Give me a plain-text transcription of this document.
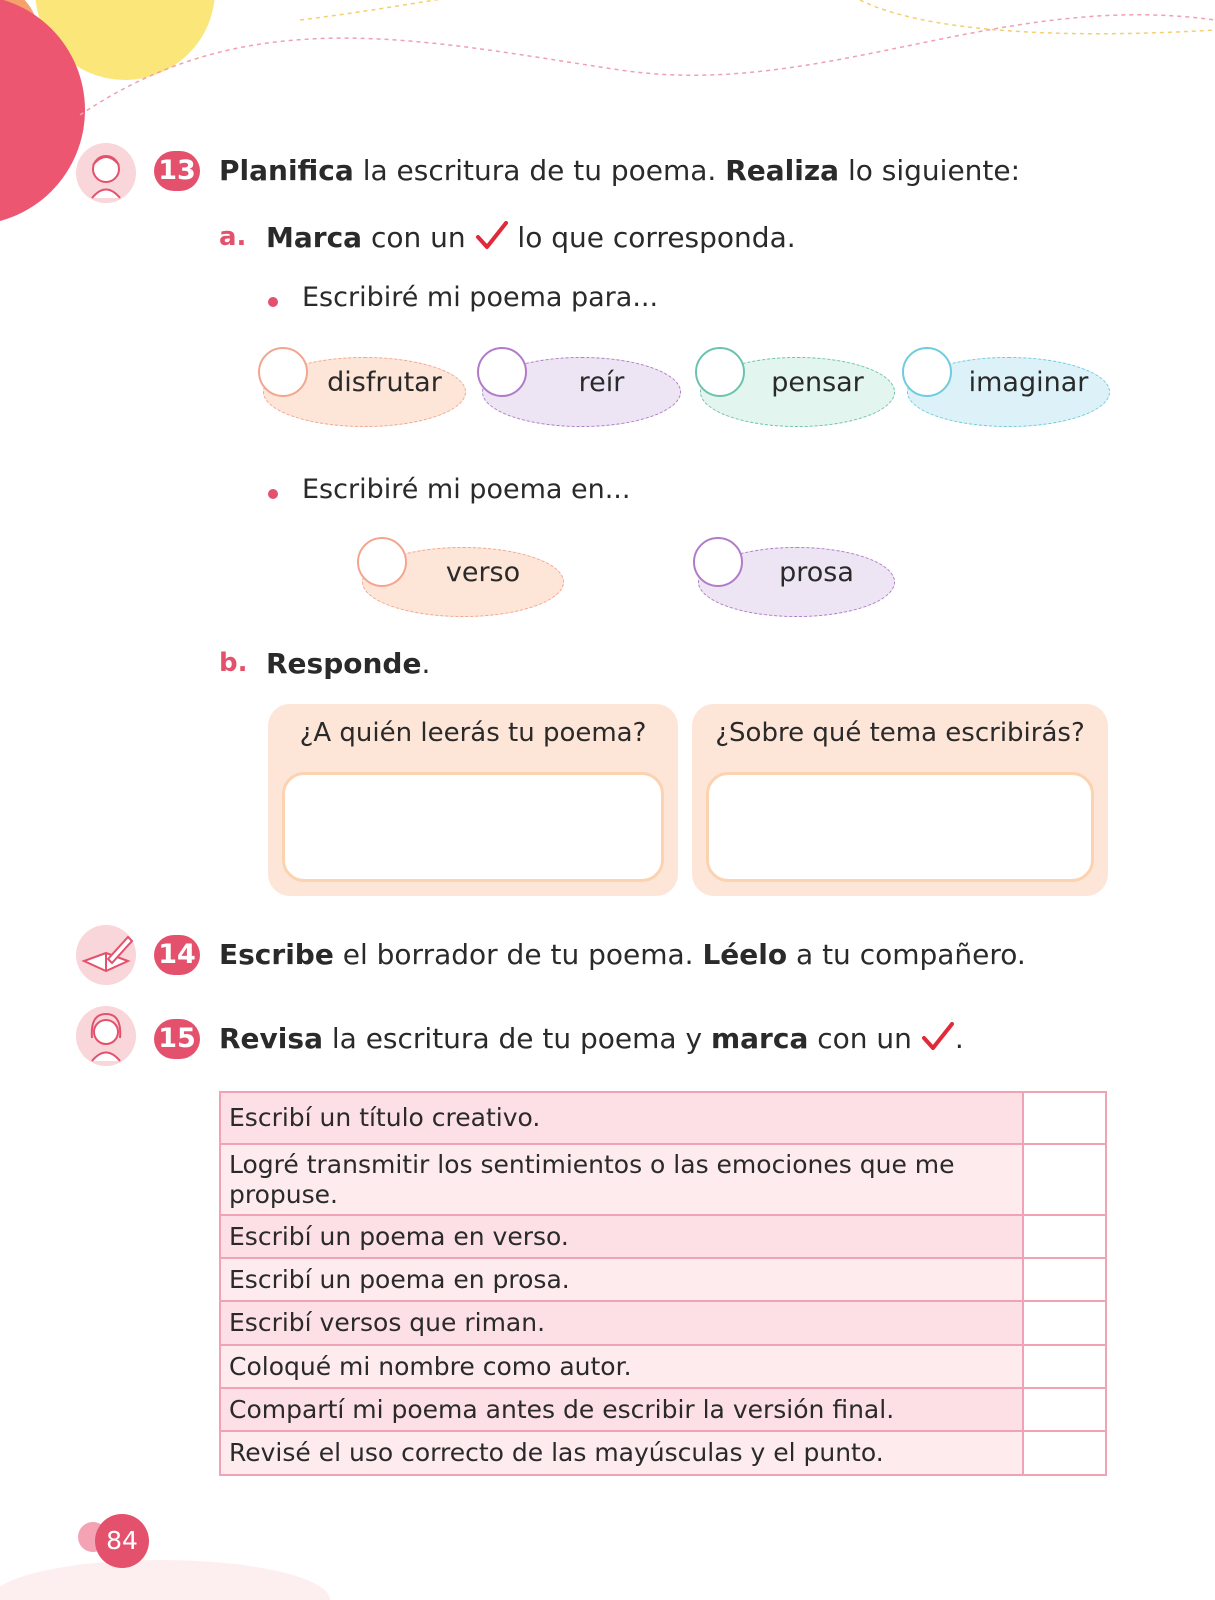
13 Planifica la escritura de tu poema. Realiza lo siguiente:
a. Marca con un  lo que corresponda.
Escribiré mi poema para...
disfrutar	reír	pensar	imaginar
Escribiré mi poema en...
verso	prosa
b. Responde.
¿A quién leerás tu poema?	¿Sobre qué tema escribirás?
14 Escribe el borrador de tu poema. Léelo a tu compañero.
15 Revisa la escritura de tu poema y marca con un .
Escribí un título creativo.	
Logré transmitir los sentimientos o las emociones que me propuse.	
Escribí un poema en verso.	
Escribí un poema en prosa.	
Escribí versos que riman.	
Coloqué mi nombre como autor.	
Compartí mi poema antes de escribir la versión final.	
Revisé el uso correcto de las mayúsculas y el punto.	
84
